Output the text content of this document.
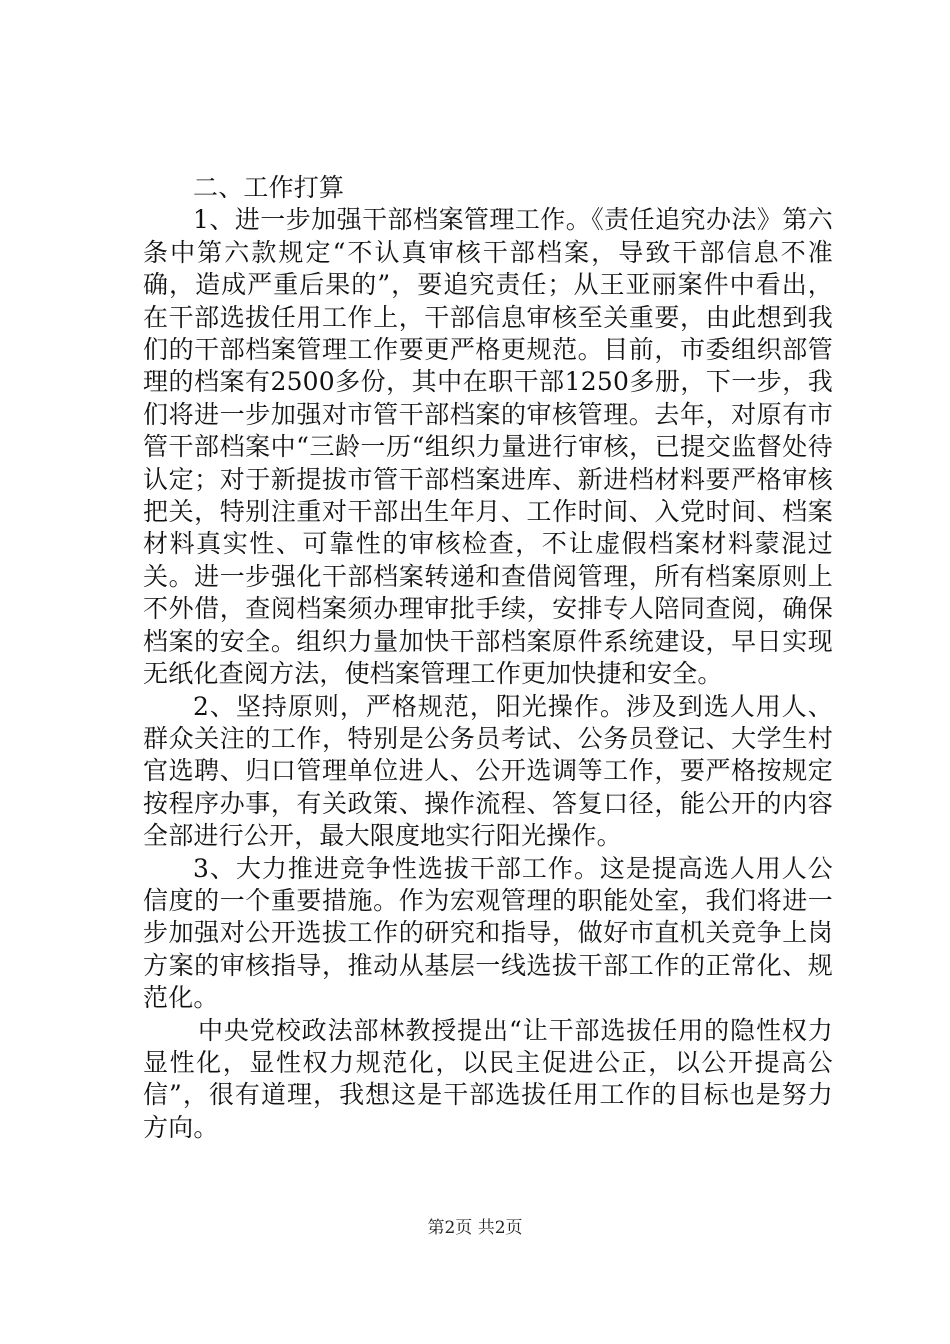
二、工作打算

1、进一步加强干部档案管理工作。《责任追究办法》第六条中第六款规定“不认真审核干部档案，导致干部信息不准确，造成严重后果的”，要追究责任；从王亚丽案件中看出，在干部选拔任用工作上，干部信息审核至关重要，由此想到我们的干部档案管理工作要更严格更规范。目前，市委组织部管理的档案有2500多份，其中在职干部1250多册，下一步，我们将进一步加强对市管干部档案的审核管理。去年，对原有市管干部档案中“三龄一历“组织力量进行审核，已提交监督处待认定；对于新提拔市管干部档案进库、新进档材料要严格审核把关，特别注重对干部出生年月、工作时间、入党时间、档案材料真实性、可靠性的审核检查，不让虚假档案材料蒙混过关。进一步强化干部档案转递和查借阅管理，所有档案原则上不外借，查阅档案须办理审批手续，安排专人陪同查阅，确保档案的安全。组织力量加快干部档案原件系统建设，早日实现无纸化查阅方法，使档案管理工作更加快捷和安全。

2、坚持原则，严格规范，阳光操作。涉及到选人用人、群众关注的工作，特别是公务员考试、公务员登记、大学生村官选聘、归口管理单位进人、公开选调等工作，要严格按规定按程序办事，有关政策、操作流程、答复口径，能公开的内容全部进行公开，最大限度地实行阳光操作。

3、大力推进竞争性选拔干部工作。这是提高选人用人公信度的一个重要措施。作为宏观管理的职能处室，我们将进一步加强对公开选拔工作的研究和指导，做好市直机关竞争上岗方案的审核指导，推动从基层一线选拔干部工作的正常化、规范化。

中央党校政法部林教授提出“让干部选拔任用的隐性权力显性化，显性权力规范化，以民主促进公正，以公开提高公信”，很有道理，我想这是干部选拔任用工作的目标也是努力方向。

第2页 共2页
